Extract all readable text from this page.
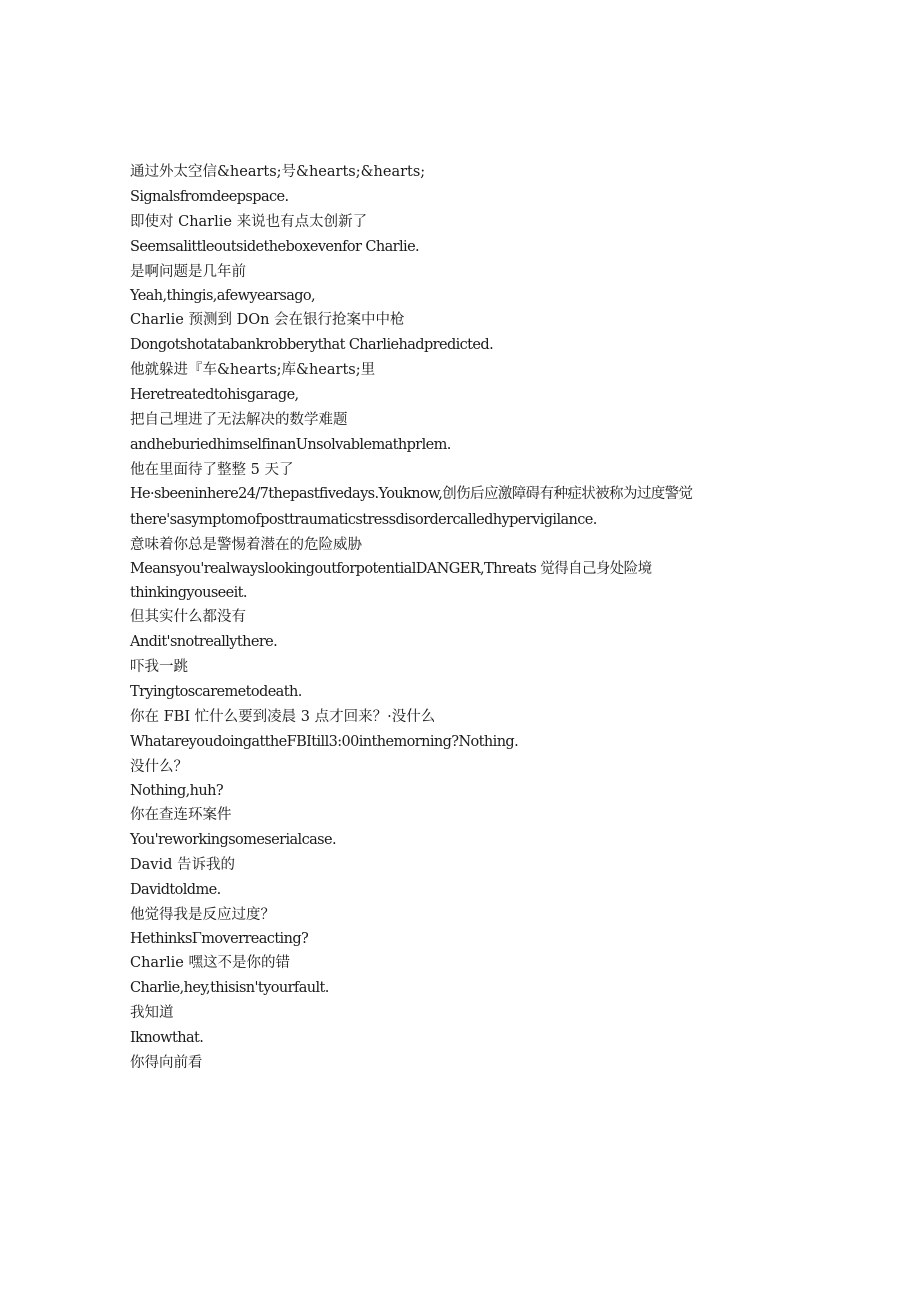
通过外太空信&hearts;号&hearts;&hearts;
Signalsfromdeepspace.
即使对 Charlie 来说也有点太创新了
Seemsalittleoutsidetheboxevenfor Charlie.
是啊问题是几年前
Yeah,thingis,afewyearsago,
Charlie 预测到 DOn 会在银行抢案中中枪
Dongotshotatabankrobberythat Charliehadpredicted.
他就躲进『车&hearts;库&hearts;里
Heretreatedtohisgarage,
把自己埋进了无法解决的数学难题
andheburiedhimselfinanUnsolvablemathprlem.
他在里面待了整整 5 天了
He·sbeeninhere24/7thepastfivedays.Youknow,创伤后应激障碍有种症状被称为过度警觉
there'sasymptomofposttraumaticstressdisordercalledhypervigilance.
意味着你总是警惕着潜在的危险威胁
Meansyou'realwayslookingoutforpotentialDANGER,Threats 觉得自己身处险境
thinkingyouseeit.
但其实什么都没有
Andit'snotreallythere.
吓我一跳
Tryingtoscaremetodeath.
你在 FBI 忙什么要到凌晨 3 点才回来？·没什么
WhatareyoudoingattheFBItill3:00inthemorning?Nothing.
没什么？
Nothing,huh?
你在查连环案件
You'reworkingsomeserialcase.
David 告诉我的
Davidtoldme.
他觉得我是反应过度？
HethinksΓmoverreacting?
Charlie 嘿这不是你的错
Charlie,hey,thisisn'tyourfault.
我知道
Iknowthat.
你得向前看
